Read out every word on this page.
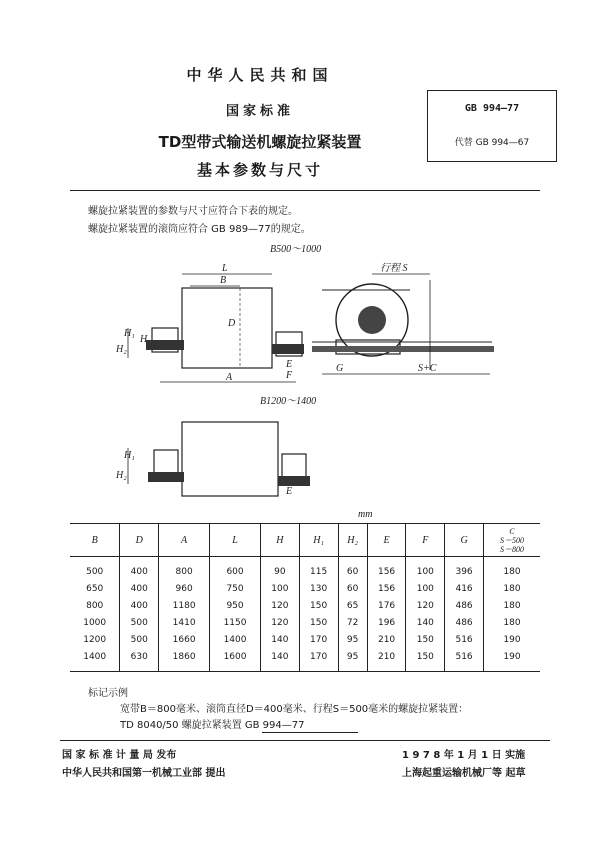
中华人民共和国
国家标准
TD型带式输送机螺旋拉紧装置
基本参数与尺寸
GB 994—77
代替 GB 994—67
螺旋拉紧装置的参数与尺寸应符合下表的规定。
螺旋拉紧装置的滚筒应符合 GB 989—77的规定。
B500～1000
L
B
D
H₂
H₁
H
A
E
F
行程 S
G	S+C
B1200～1400
H₂
H₁
E
mm
B	D	A	L	H	H₁	H₂	E	F	G	C
S＝500
S＝800

500	400	800	600	90	115	60	156	100	396	180
650	400	960	750	100	130	60	156	100	416	180
800	400	1180	950	120	150	65	176	120	486	180
1000	500	1410	1150	120	150	72	196	140	486	180
1200	500	1660	1400	140	170	95	210	150	516	190
1400	630	1860	1600	140	170	95	210	150	516	190
标记示例
宽带B＝800毫米、滚筒直径D＝400毫米、行程S＝500毫米的螺旋拉紧装置：
TD 8040/50 螺旋拉紧装置 GB 994—77
国 家 标 准 计 量 局 发布
中华人民共和国第一机械工业部 提出
1 9 7 8 年 1 月 1 日 实施
上海起重运输机械厂等 起草
